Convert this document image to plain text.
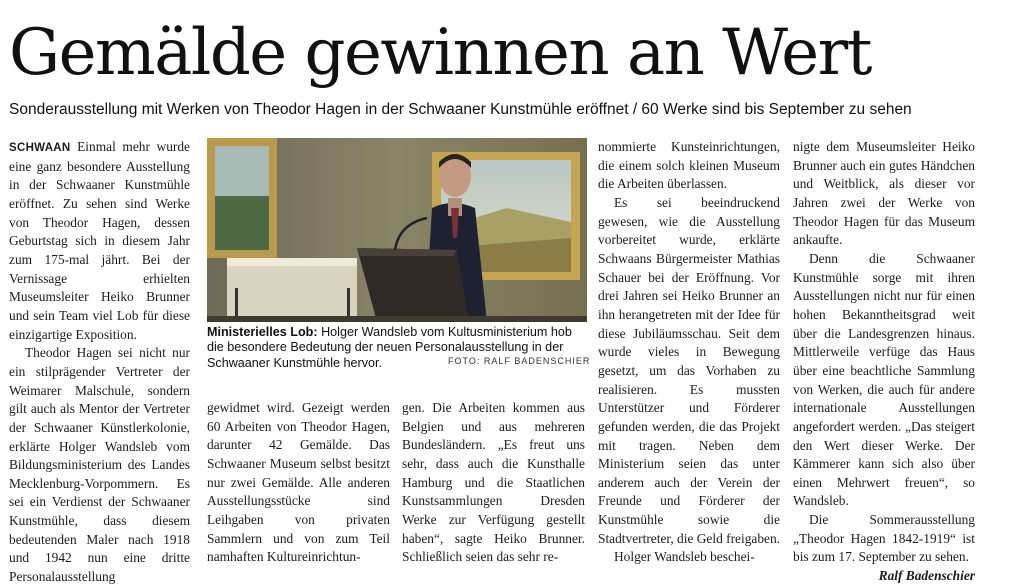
Gemälde gewinnen an Wert

Sonderausstellung mit Werken von Theodor Hagen in der Schwaaner Kunstmühle eröffnet / 60 Werke sind bis September zu sehen

SCHWAAN Einmal mehr wurde eine ganz besondere Ausstellung in der Schwaaner Kunstmühle eröffnet. Zu sehen sind Werke von Theodor Hagen, dessen Geburtstag sich in diesem Jahr zum 175-mal jährt. Bei der Vernissage erhielten Museumsleiter Heiko Brunner und sein Team viel Lob für diese einzigartige Exposition.

Theodor Hagen sei nicht nur ein stilprägender Vertreter der Weimarer Malschule, sondern gilt auch als Mentor der Vertreter der Schwaaner Künstlerkolonie, erklärte Holger Wandsleb vom Bildungsministerium des Landes Mecklenburg-Vorpommern. Es sei ein Verdienst der Schwaaner Kunstmühle, dass diesem bedeutenden Maler nach 1918 und 1942 nun eine dritte Personalausstellung

Ministerielles Lob: Holger Wandsleb vom Kultusministerium hob die besondere Bedeutung der neuen Personalausstellung in der Schwaaner Kunstmühle hervor.	FOTO: RALF BADENSCHIER

gewidmet wird. Gezeigt werden 60 Arbeiten von Theodor Hagen, darunter 42 Gemälde. Das Schwaaner Museum selbst besitzt nur zwei Gemälde. Alle anderen Ausstellungsstücke sind Leihgaben von privaten Sammlern und von zum Teil namhaften Kultureinrichtun-

gen. Die Arbeiten kommen aus Belgien und aus mehreren Bundesländern. „Es freut uns sehr, dass auch die Kunsthalle Hamburg und die Staatlichen Kunstsammlungen Dresden Werke zur Verfügung gestellt haben“, sagte Heiko Brunner. Schließlich seien das sehr re-

nommierte Kunsteinrichtungen, die einem solch kleinen Museum die Arbeiten überlassen.

Es sei beeindruckend gewesen, wie die Ausstellung vorbereitet wurde, erklärte Schwaans Bürgermeister Mathias Schauer bei der Eröffnung. Vor drei Jahren sei Heiko Brunner an ihn herangetreten mit der Idee für diese Jubiläumsschau. Seit dem wurde vieles in Bewegung gesetzt, um das Vorhaben zu realisieren. Es mussten Unterstützer und Förderer gefunden werden, die das Projekt mit tragen. Neben dem Ministerium seien das unter anderem auch der Verein der Freunde und Förderer der Kunstmühle sowie die Stadtvertreter, die Geld freigaben.

Holger Wandsleb beschei-

nigte dem Museumsleiter Heiko Brunner auch ein gutes Händchen und Weitblick, als dieser vor Jahren zwei der Werke von Theodor Hagen für das Museum ankaufte.

Denn die Schwaaner Kunstmühle sorge mit ihren Ausstellungen nicht nur für einen hohen Bekanntheitsgrad weit über die Landesgrenzen hinaus. Mittlerweile verfüge das Haus über eine beachtliche Sammlung von Werken, die auch für andere internationale Ausstellungen angefordert werden. „Das steigert den Wert dieser Werke. Der Kämmerer kann sich also über einen Mehrwert freuen“, so Wandsleb.

Die Sommerausstellung „Theodor Hagen 1842-1919“ ist bis zum 17. September zu sehen.
Ralf Badenschier
